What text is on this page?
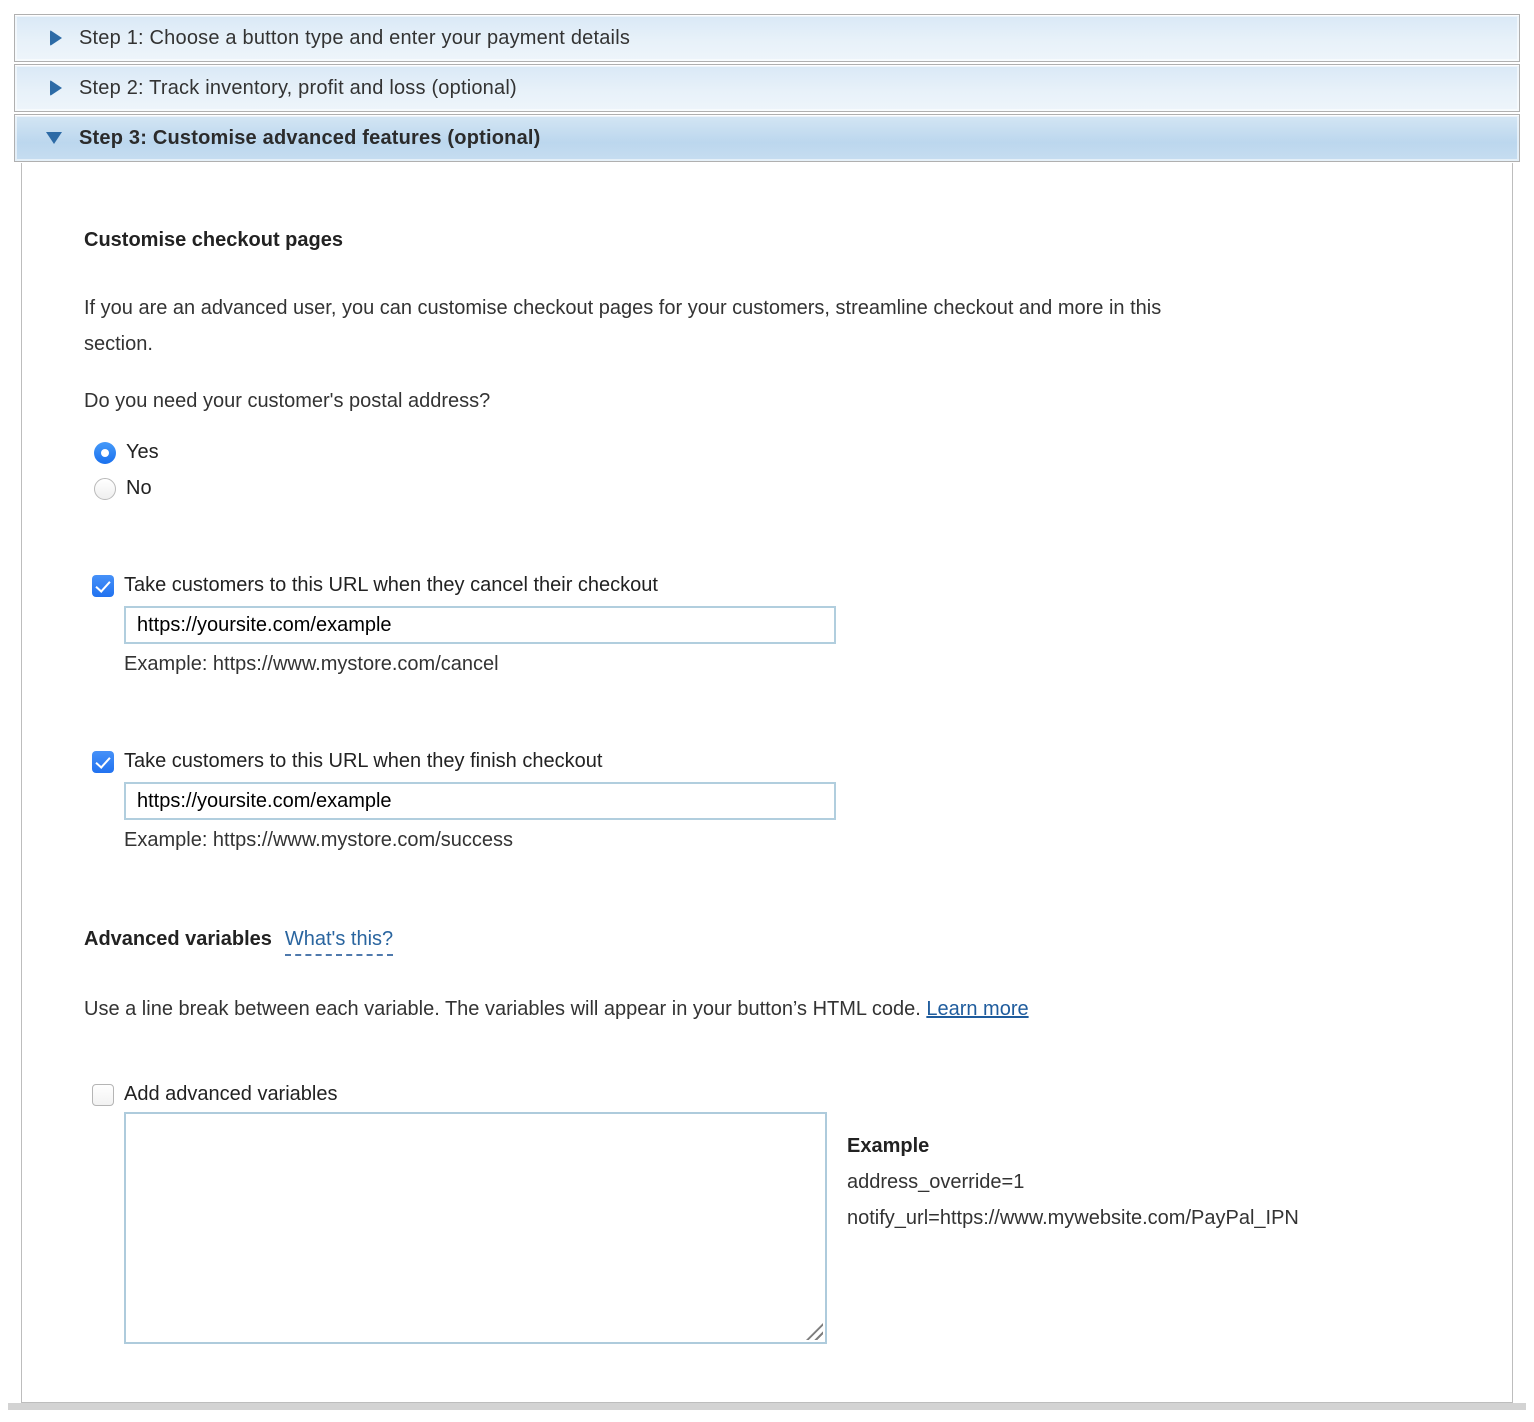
Step 1: Choose a button type and enter your payment details
Step 2: Track inventory, profit and loss (optional)
Step 3: Customise advanced features (optional)
Customise checkout pages
If you are an advanced user, you can customise checkout pages for your customers, streamline checkout and more in this
section.
Do you need your customer's postal address?
Yes
No
Take customers to this URL when they cancel their checkout
https://yoursite.com/example
Example: https://www.mystore.com/cancel
Take customers to this URL when they finish checkout
https://yoursite.com/example
Example: https://www.mystore.com/success
Advanced variables What's this?
Use a line break between each variable. The variables will appear in your button’s HTML code. Learn more
Add advanced variables
Example
address_override=1
notify_url=https://www.mywebsite.com/PayPal_IPN
